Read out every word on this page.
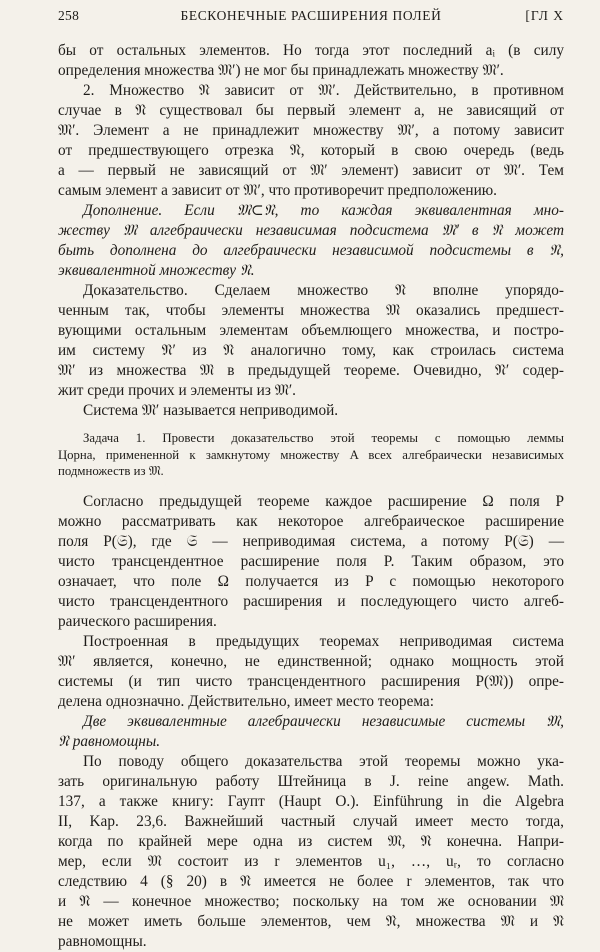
258	БЕСКОНЕЧНЫЕ РАСШИРЕНИЯ ПОЛЕЙ	[ГЛ X
бы от остальных элементов. Но тогда этот последний aᵢ (в силу
определения множества 𝔐′) не мог бы принадлежать множеству 𝔐′.
2. Множество 𝔑 зависит от 𝔐′. Действительно, в противном
случае в 𝔑 существовал бы первый элемент a, не зависящий от
𝔐′. Элемент a не принадлежит множеству 𝔐′, а потому зависит
от предшествующего отрезка 𝔑, который в свою очередь (ведь
a — первый не зависящий от 𝔐′ элемент) зависит от 𝔐′. Тем
самым элемент a зависит от 𝔐′, что противоречит предположению.
Дополнение. Если 𝔐⊂𝔑, то каждая эквивалентная мно-
жеству 𝔐 алгебраически независимая подсистема 𝔐′ в 𝔑 может
быть дополнена до алгебраически независимой подсистемы в 𝔑,
эквивалентной множеству 𝔑.
Доказательство. Сделаем множество 𝔑 вполне упорядо-
ченным так, чтобы элементы множества 𝔐 оказались предшест-
вующими остальным элементам объемлющего множества, и постро-
им систему 𝔑′ из 𝔑 аналогично тому, как строилась система
𝔐′ из множества 𝔐 в предыдущей теореме. Очевидно, 𝔑′ содер-
жит среди прочих и элементы из 𝔐′.
Система 𝔐′ называется неприводимой.
Задача 1. Провести доказательство этой теоремы с помощью леммы
Цорна, примененной к замкнутому множеству A всех алгебраически независимых
подмножеств из 𝔐.
Согласно предыдущей теореме каждое расширение Ω поля P
можно рассматривать как некоторое алгебраическое расширение
поля P(𝔖), где 𝔖 — неприводимая система, а потому P(𝔖) —
чисто трансцендентное расширение поля P. Таким образом, это
означает, что поле Ω получается из P с помощью некоторого
чисто трансцендентного расширения и последующего чисто алгеб-
раического расширения.
Построенная в предыдущих теоремах неприводимая система
𝔐′ является, конечно, не единственной; однако мощность этой
системы (и тип чисто трансцендентного расширения P(𝔐)) опре-
делена однозначно. Действительно, имеет место теорема:
Две эквивалентные алгебраически независимые системы 𝔐,
𝔑 равномощны.
По поводу общего доказательства этой теоремы можно ука-
зать оригинальную работу Штейница в J. reine angew. Math.
137, а также книгу: Гаупт (Haupt O.). Einführung in die Algebra
II, Kap. 23,6. Важнейший частный случай имеет место тогда,
когда по крайней мере одна из систем 𝔐, 𝔑 конечна. Напри-
мер, если 𝔐 состоит из r элементов u₁, …, uᵣ, то согласно
следствию 4 (§ 20) в 𝔑 имеется не более r элементов, так что
и 𝔑 — конечное множество; поскольку на том же основании 𝔐
не может иметь больше элементов, чем 𝔑, множества 𝔐 и 𝔑
равномощны.
